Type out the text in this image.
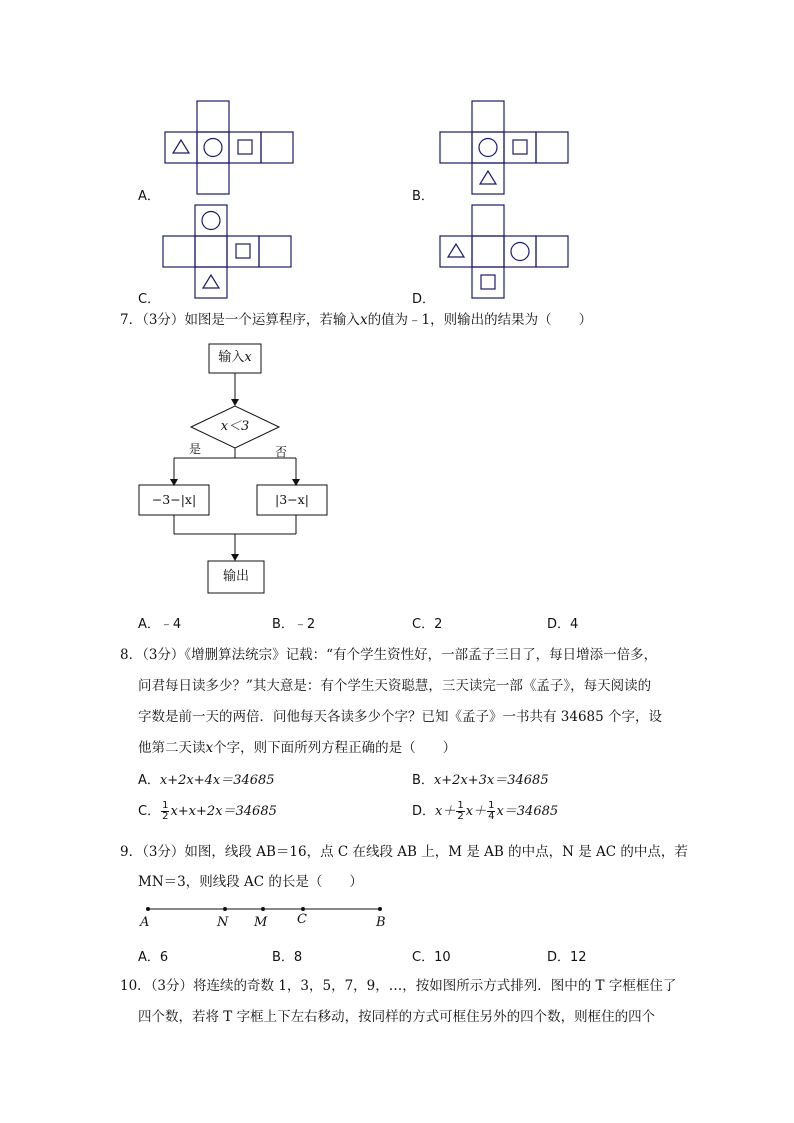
A．	B．
C．	D．
7．（3分）如图是一个运算程序，若输入x的值为﹣1，则输出的结果为（　　）
输入x
x＜3
是	否
−3−|x|	|3−x|
输出
A．﹣4	B．﹣2	C．2	D．4
8．（3分）《增删算法统宗》记载：“有个学生资性好，一部孟子三日了，每日增添一倍多，
问君每日读多少？”其大意是：有个学生天资聪慧，三天读完一部《孟子》，每天阅读的
字数是前一天的两倍．问他每天各读多少个字？已知《孟子》一书共有 34685 个字，设
他第二天读x个字，则下面所列方程正确的是（　　）
A．x+2x+4x＝34685	B．x+2x+3x＝34685
C． $\frac{1}{2} x+x+2x=34685$	D．$x+ \frac{1}{2} x+ \frac{1}{4} x=34685$
9．（3分）如图，线段 AB＝16，点 C 在线段 AB 上，M 是 AB 的中点，N 是 AC 的中点，若
MN＝3，则线段 AC 的长是（　　）
A	N M C	B
A．6	B．8	C．10	D．12
10．（3分）将连续的奇数 1，3，5，7，9，…，按如图所示方式排列．图中的 T 字框框住了
四个数，若将 T 字框上下左右移动，按同样的方式可框住另外的四个数，则框住的四个
